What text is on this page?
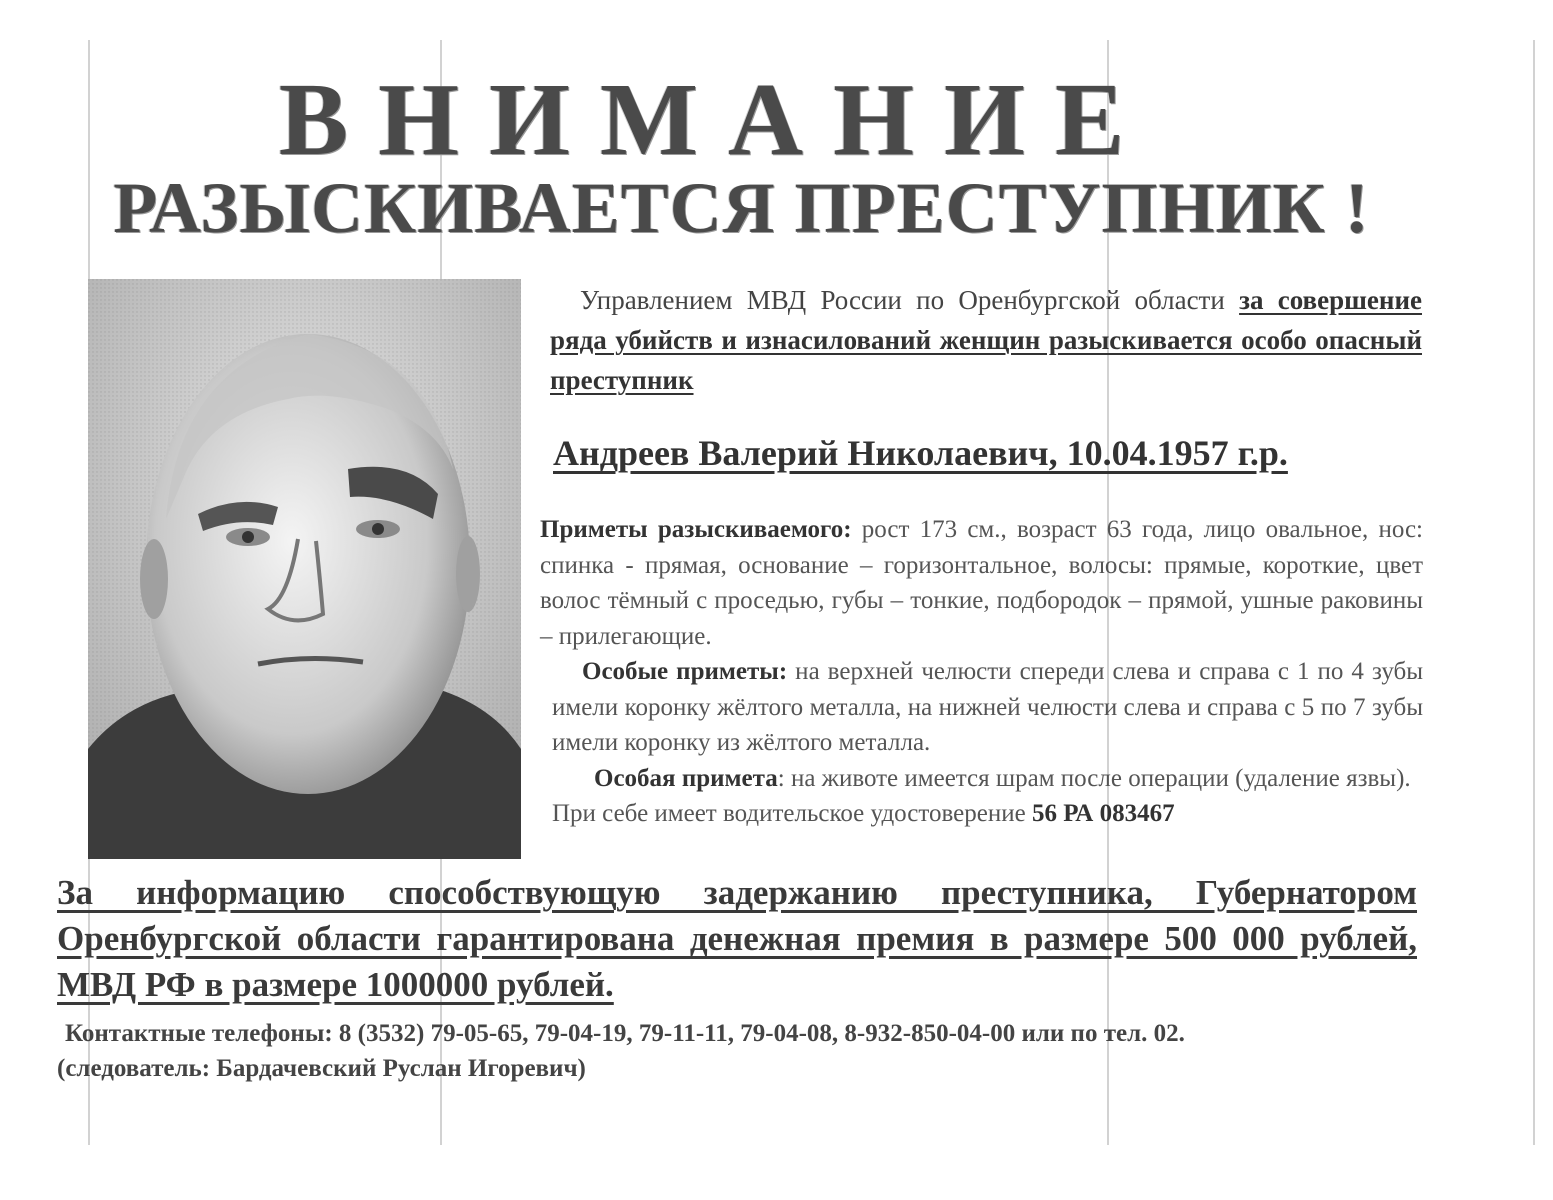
ВНИМАНИЕ
РАЗЫСКИВАЕТСЯ ПРЕСТУПНИК !

Управлением МВД России по Оренбургской области за совершение ряда убийств и изнасилований женщин разыскивается особо опасный преступник

Андреев Валерий Николаевич, 10.04.1957 г.р.

Приметы разыскиваемого: рост 173 см., возраст 63 года, лицо овальное, нос: спинка - прямая, основание – горизонтальное, волосы: прямые, короткие, цвет волос тёмный с проседью, губы – тонкие, подбородок – прямой, ушные раковины – прилегающие.

Особые приметы: на верхней челюсти спереди слева и справа с 1 по 4 зубы имели коронку жёлтого металла, на нижней челюсти слева и справа с 5 по 7 зубы имели коронку из жёлтого металла.

Особая примета: на животе имеется шрам после операции (удаление язвы).

При себе имеет водительское удостоверение 56 РА 083467

За информацию способствующую задержанию преступника, Губернатором Оренбургской области гарантирована денежная премия в размере 500 000 рублей, МВД РФ в размере 1000000 рублей.

Контактные телефоны: 8 (3532) 79-05-65, 79-04-19, 79-11-11, 79-04-08, 8-932-850-04-00 или по тел. 02.

(следователь: Бардачевский Руслан Игоревич)
